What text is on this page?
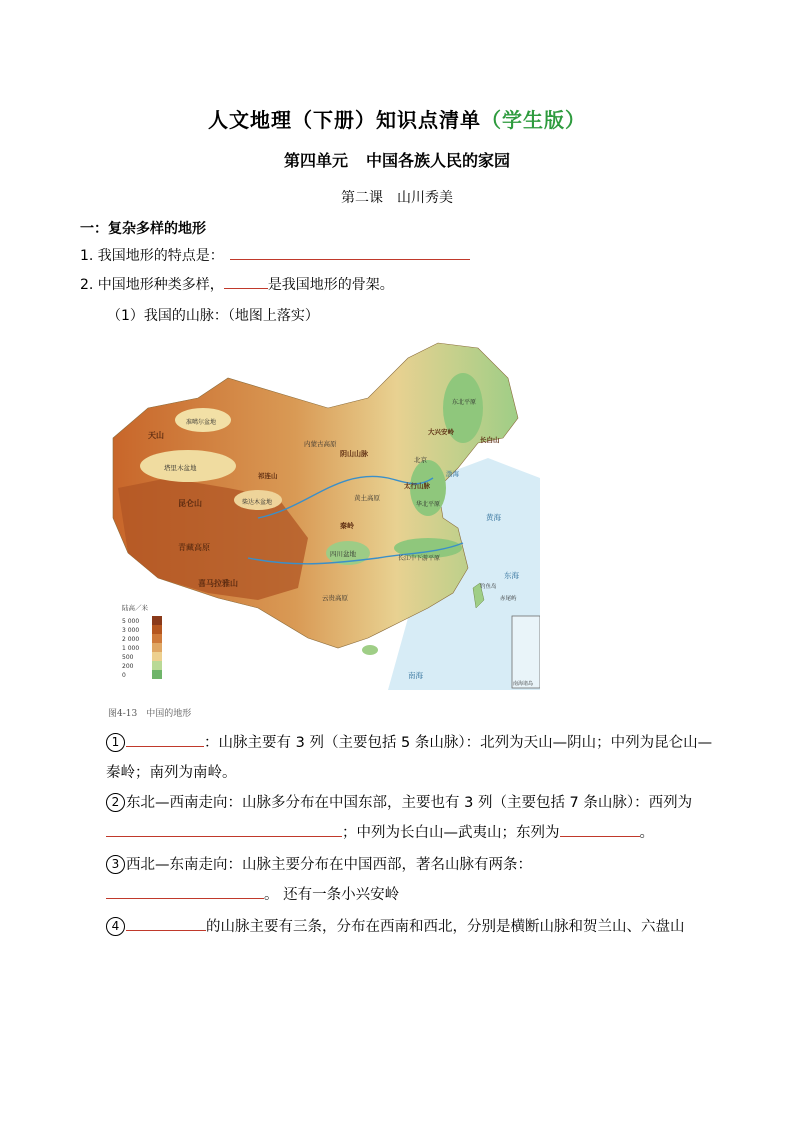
人文地理（下册）知识点清单（学生版）
第四单元 中国各族人民的家园
第二课 山川秀美
一：复杂多样的地形
1. 我国地形的特点是：
2. 中国地形种类多样，	是我国地形的骨架。
（1）我国的山脉：（地图上落实）
南海诸岛
陆高／米
5 000
3 000
2 000
1 000
500
200
0
塔里木盆地
准噶尔盆地
柴达木盆地
四川盆地
北京
长江中下游平原
渤海
黄海
东海
南海
钓鱼岛
赤尾屿
天山
昆仑山
喜马拉雅山
秦岭
阴山山脉
太行山脉
大兴安岭
长白山
祁连山
东北平原
华北平原
黄土高原
云贵高原
青藏高原
内蒙古高原
图4-13　中国的地形
1	：山脉主要有 3 列（主要包括 5 条山脉）：北列为天山—阴山；中列为昆仑山—秦岭；南列为南岭。
2 东北—西南走向：山脉多分布在中国东部，主要也有 3 列（主要包括 7 条山脉）：西列为；中列为长白山—武夷山；东列为	。
3 西北—东南走向：山脉主要分布在中国西部，著名山脉有两条：
。 还有一条小兴安岭
4	的山脉主要有三条，分布在西南和西北，分别是横断山脉和贺兰山、六盘山
